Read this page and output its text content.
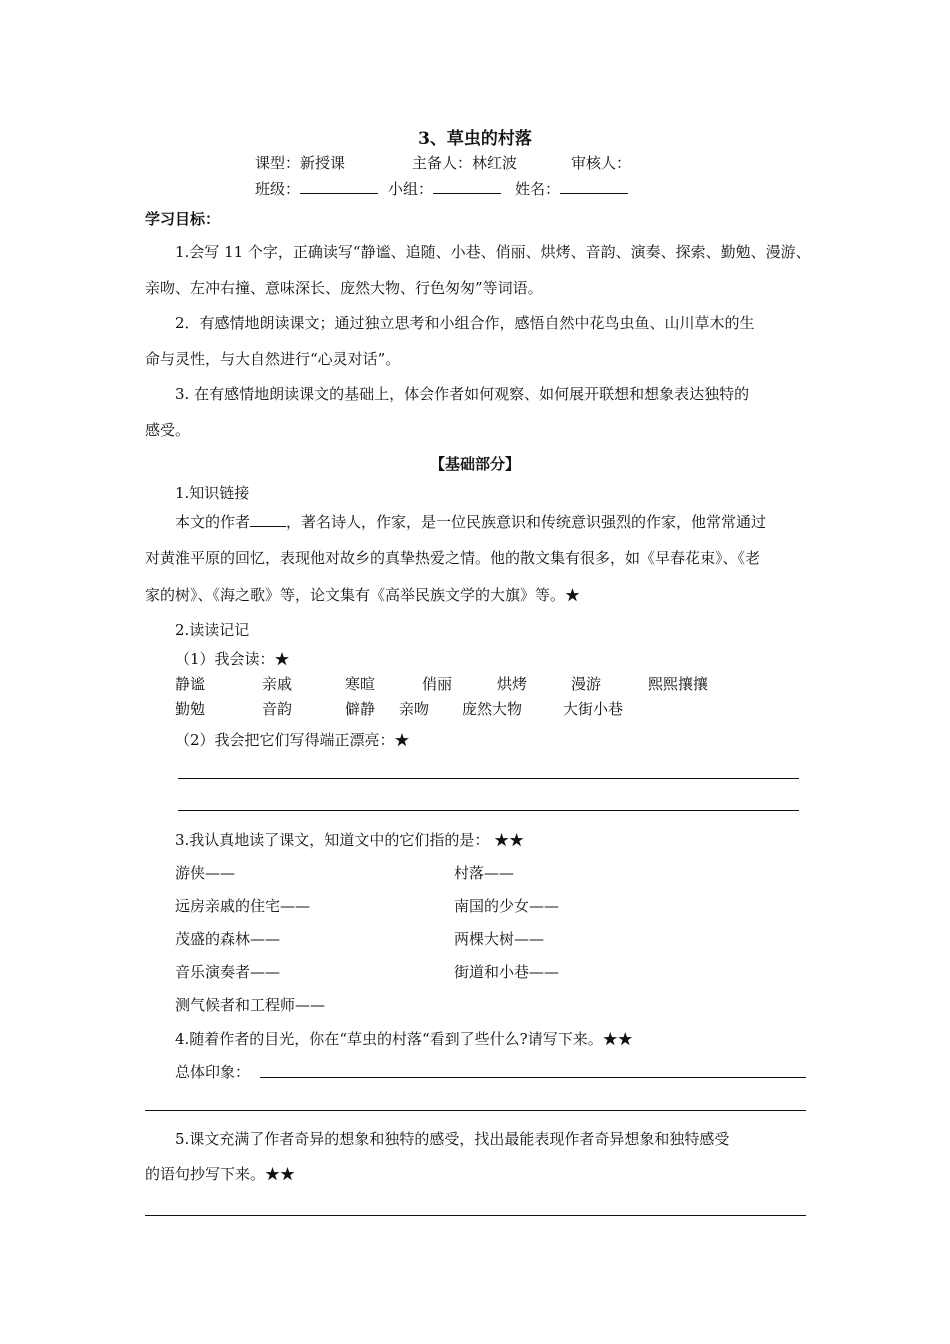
3、草虫的村落
课型：新授课	主备人：林红波	审核人：
班级：	小组：	姓名：
学习目标：
1.会写 11 个字，正确读写“静谧、追随、小巷、俏丽、烘烤、音韵、演奏、探索、勤勉、漫游、
亲吻、左冲右撞、意味深长、庞然大物、行色匆匆”等词语。
2．有感情地朗读课文；通过独立思考和小组合作，感悟自然中花鸟虫鱼、山川草木的生
命与灵性，与大自然进行“心灵对话”。
3. 在有感情地朗读课文的基础上，体会作者如何观察、如何展开联想和想象表达独特的
感受。
【基础部分】
1.知识链接
本文的作者 ，著名诗人，作家，是一位民族意识和传统意识强烈的作家，他常常通过
对黄淮平原的回忆，表现他对故乡的真挚热爱之情。他的散文集有很多，如《早春花束》、《老
家的树》、《海之歌》等，论文集有《高举民族文学的大旗》等。★
2.读读记记
（1）我会读：★
静谧	亲戚	寒暄	俏丽	烘烤	漫游	熙熙攘攘
勤勉	音韵	僻静 亲吻 庞然大物	大街小巷
（2）我会把它们写得端正漂亮：★
3.我认真地读了课文，知道文中的它们指的是： ★★
游侠——	村落——
远房亲戚的住宅——	南国的少女——
茂盛的森林——	两棵大树——
音乐演奏者——	街道和小巷——
测气候者和工程师——
4.随着作者的目光，你在“草虫的村落“看到了些什么?请写下来。★★
总体印象：
5.课文充满了作者奇异的想象和独特的感受，找出最能表现作者奇异想象和独特感受
的语句抄写下来。★★
